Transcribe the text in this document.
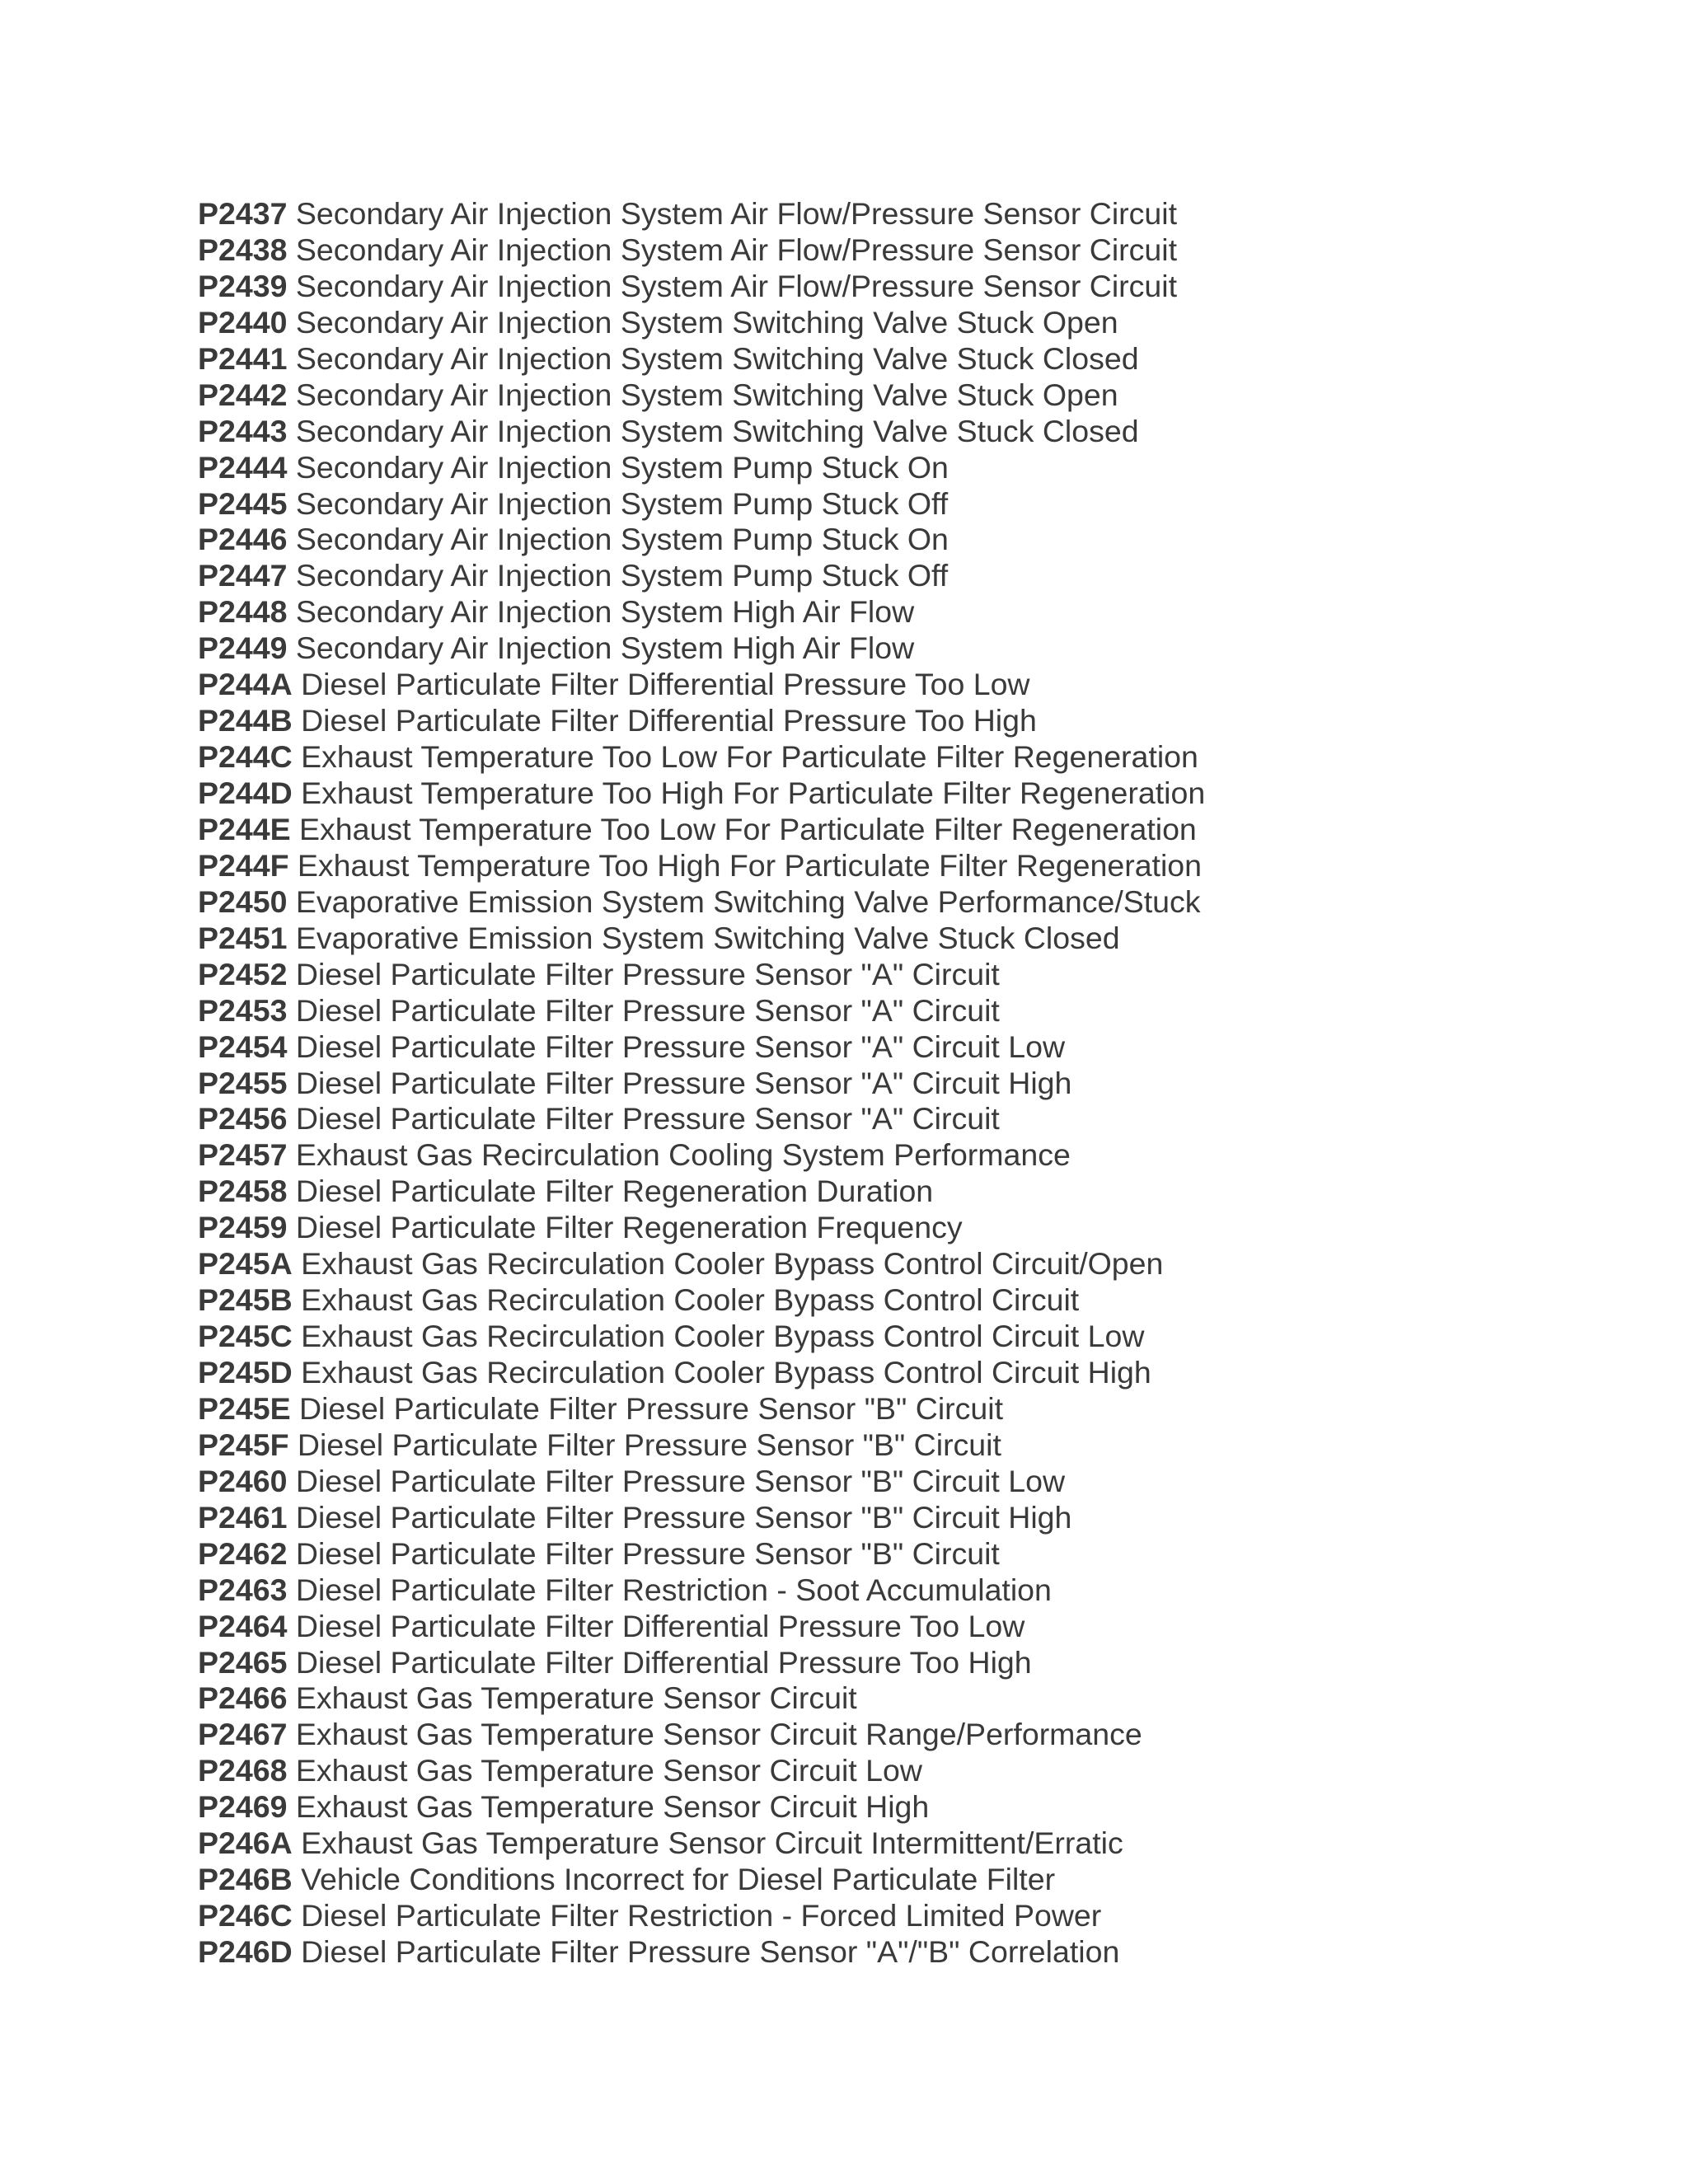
P2437 Secondary Air Injection System Air Flow/Pressure Sensor Circuit
P2438 Secondary Air Injection System Air Flow/Pressure Sensor Circuit
P2439 Secondary Air Injection System Air Flow/Pressure Sensor Circuit
P2440 Secondary Air Injection System Switching Valve Stuck Open
P2441 Secondary Air Injection System Switching Valve Stuck Closed
P2442 Secondary Air Injection System Switching Valve Stuck Open
P2443 Secondary Air Injection System Switching Valve Stuck Closed
P2444 Secondary Air Injection System Pump Stuck On
P2445 Secondary Air Injection System Pump Stuck Off
P2446 Secondary Air Injection System Pump Stuck On
P2447 Secondary Air Injection System Pump Stuck Off
P2448 Secondary Air Injection System High Air Flow
P2449 Secondary Air Injection System High Air Flow
P244A Diesel Particulate Filter Differential Pressure Too Low
P244B Diesel Particulate Filter Differential Pressure Too High
P244C Exhaust Temperature Too Low For Particulate Filter Regeneration
P244D Exhaust Temperature Too High For Particulate Filter Regeneration
P244E Exhaust Temperature Too Low For Particulate Filter Regeneration
P244F Exhaust Temperature Too High For Particulate Filter Regeneration
P2450 Evaporative Emission System Switching Valve Performance/Stuck
P2451 Evaporative Emission System Switching Valve Stuck Closed
P2452 Diesel Particulate Filter Pressure Sensor "A" Circuit
P2453 Diesel Particulate Filter Pressure Sensor "A" Circuit
P2454 Diesel Particulate Filter Pressure Sensor "A" Circuit Low
P2455 Diesel Particulate Filter Pressure Sensor "A" Circuit High
P2456 Diesel Particulate Filter Pressure Sensor "A" Circuit
P2457 Exhaust Gas Recirculation Cooling System Performance
P2458 Diesel Particulate Filter Regeneration Duration
P2459 Diesel Particulate Filter Regeneration Frequency
P245A Exhaust Gas Recirculation Cooler Bypass Control Circuit/Open
P245B Exhaust Gas Recirculation Cooler Bypass Control Circuit
P245C Exhaust Gas Recirculation Cooler Bypass Control Circuit Low
P245D Exhaust Gas Recirculation Cooler Bypass Control Circuit High
P245E Diesel Particulate Filter Pressure Sensor "B" Circuit
P245F Diesel Particulate Filter Pressure Sensor "B" Circuit
P2460 Diesel Particulate Filter Pressure Sensor "B" Circuit Low
P2461 Diesel Particulate Filter Pressure Sensor "B" Circuit High
P2462 Diesel Particulate Filter Pressure Sensor "B" Circuit
P2463 Diesel Particulate Filter Restriction - Soot Accumulation
P2464 Diesel Particulate Filter Differential Pressure Too Low
P2465 Diesel Particulate Filter Differential Pressure Too High
P2466 Exhaust Gas Temperature Sensor Circuit
P2467 Exhaust Gas Temperature Sensor Circuit Range/Performance
P2468 Exhaust Gas Temperature Sensor Circuit Low
P2469 Exhaust Gas Temperature Sensor Circuit High
P246A Exhaust Gas Temperature Sensor Circuit Intermittent/Erratic
P246B Vehicle Conditions Incorrect for Diesel Particulate Filter
P246C Diesel Particulate Filter Restriction - Forced Limited Power
P246D Diesel Particulate Filter Pressure Sensor "A"/"B" Correlation
